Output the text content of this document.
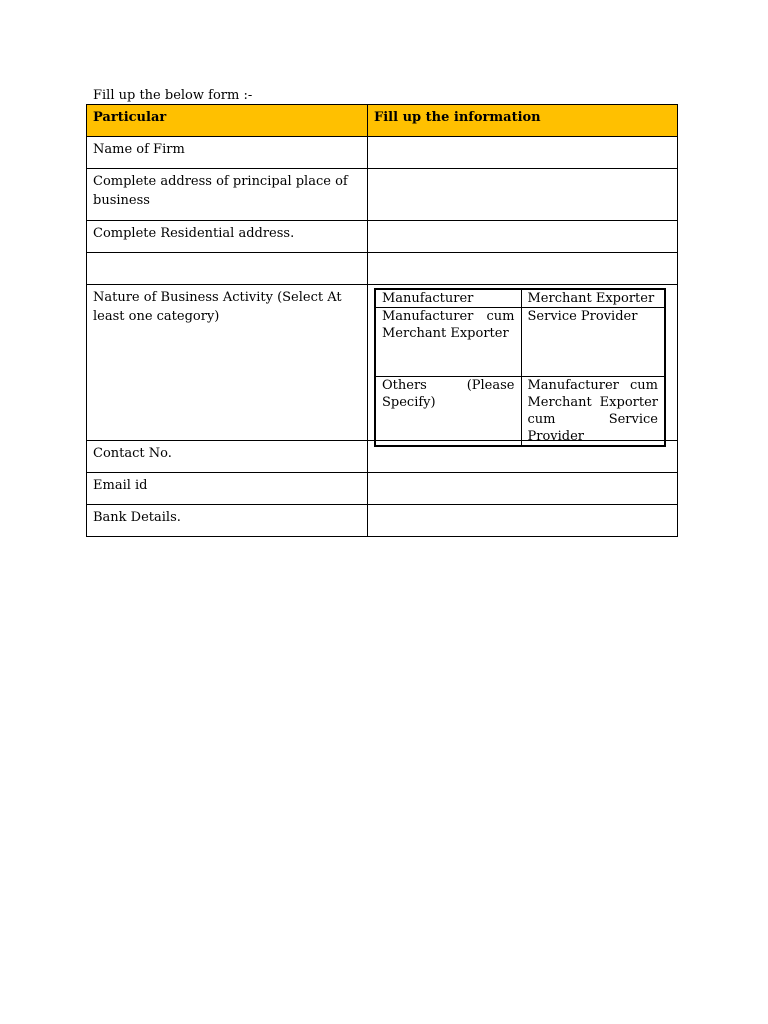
Fill up the below form :-
Particular	Fill up the information
Name of Firm	
Complete address of principal place of business	
Complete Residential address.	

Nature of Business Activity (Select At least one category)	
Manufacturer	Merchant Exporter
Manufacturer cum Merchant Exporter	Service Provider
Others (Please Specify)	Manufacturer cum Merchant Exporter cum Service Provider

Contact No.	
Email id	
Bank Details.	
